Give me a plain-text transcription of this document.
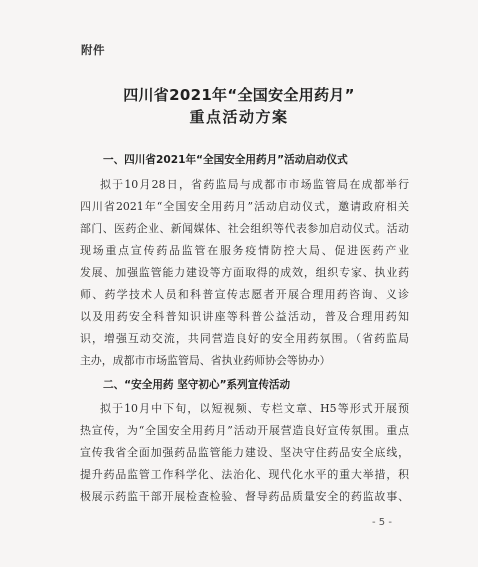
附件
四川省2021年“全国安全用药月”
重点活动方案
一、四川省2021年“全国安全用药月”活动启动仪式
拟于10月28日，省药监局与成都市市场监管局在成都举行
四川省2021年“全国安全用药月”活动启动仪式，邀请政府相关
部门、医药企业、新闻媒体、社会组织等代表参加启动仪式。活动
现场重点宣传药品监管在服务疫情防控大局、促进医药产业
发展、加强监管能力建设等方面取得的成效，组织专家、执业药
师、药学技术人员和科普宣传志愿者开展合理用药咨询、义诊
以及用药安全科普知识讲座等科普公益活动，普及合理用药知
识，增强互动交流，共同营造良好的安全用药氛围。（省药监局
主办，成都市市场监管局、省执业药师协会等协办）
二、“安全用药 坚守初心”系列宣传活动
拟于10月中下旬，以短视频、专栏文章、H5等形式开展预
热宣传，为“全国安全用药月”活动开展营造良好宣传氛围。重点
宣传我省全面加强药品监管能力建设、坚决守住药品安全底线，
提升药品监管工作科学化、法治化、现代化水平的重大举措，积
极展示药监干部开展检查检验、督导药品质量安全的药监故事、
- 5 -
